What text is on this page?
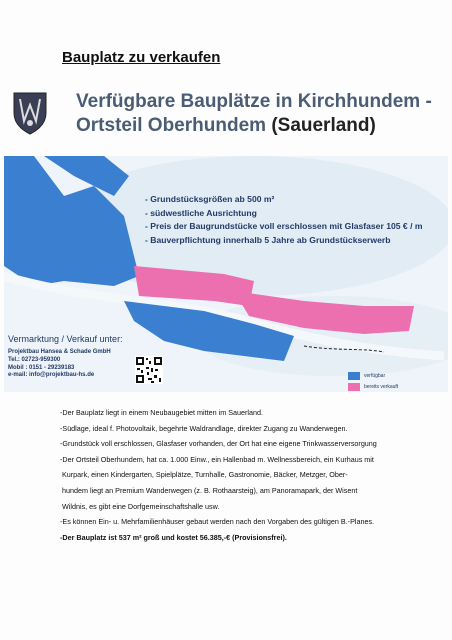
Bauplatz zu verkaufen
Verfügbare Bauplätze in Kirchhundem -
Ortsteil Oberhundem (Sauerland)
- Grundstücksgrößen ab 500 m²
- südwestliche Ausrichtung
- Preis der Baugrundstücke voll erschlossen mit Glasfaser 105 € / m
- Bauverpflichtung innerhalb 5 Jahre ab Grundstückserwerb
Vermarktung / Verkauf unter:
Projektbau Hansea & Schade GmbH
Tel.: 02723-959300
Mobil : 0151 - 29239183
e-mail: info@projektbau-hs.de	verfügbar
bereits verkauft
-Der Bauplatz liegt in einem Neubaugebiet mitten im Sauerland.
-Südlage, ideal f. Photovoltaik, begehrte Waldrandlage, direkter Zugang zu Wanderwegen.
-Grundstück voll erschlossen, Glasfaser vorhanden, der Ort hat eine eigene Trinkwasserversorgung
-Der Ortsteil Oberhundem, hat ca. 1.000 Einw., ein Hallenbad m. Wellnessbereich, ein Kurhaus mit
Kurpark, einen Kindergarten, Spielplätze, Turnhalle, Gastronomie, Bäcker, Metzger, Ober-
hundem liegt an Premium Wanderwegen (z. B. Rothaarsteig), am Panoramapark, der Wisent
Wildnis, es gibt eine Dorfgemeinschaftshalle usw.
-Es können Ein- u. Mehrfamilienhäuser gebaut werden nach den Vorgaben des gültigen B.-Planes.
-Der Bauplatz ist 537 m² groß und kostet 56.385,-€ (Provisionsfrei).
